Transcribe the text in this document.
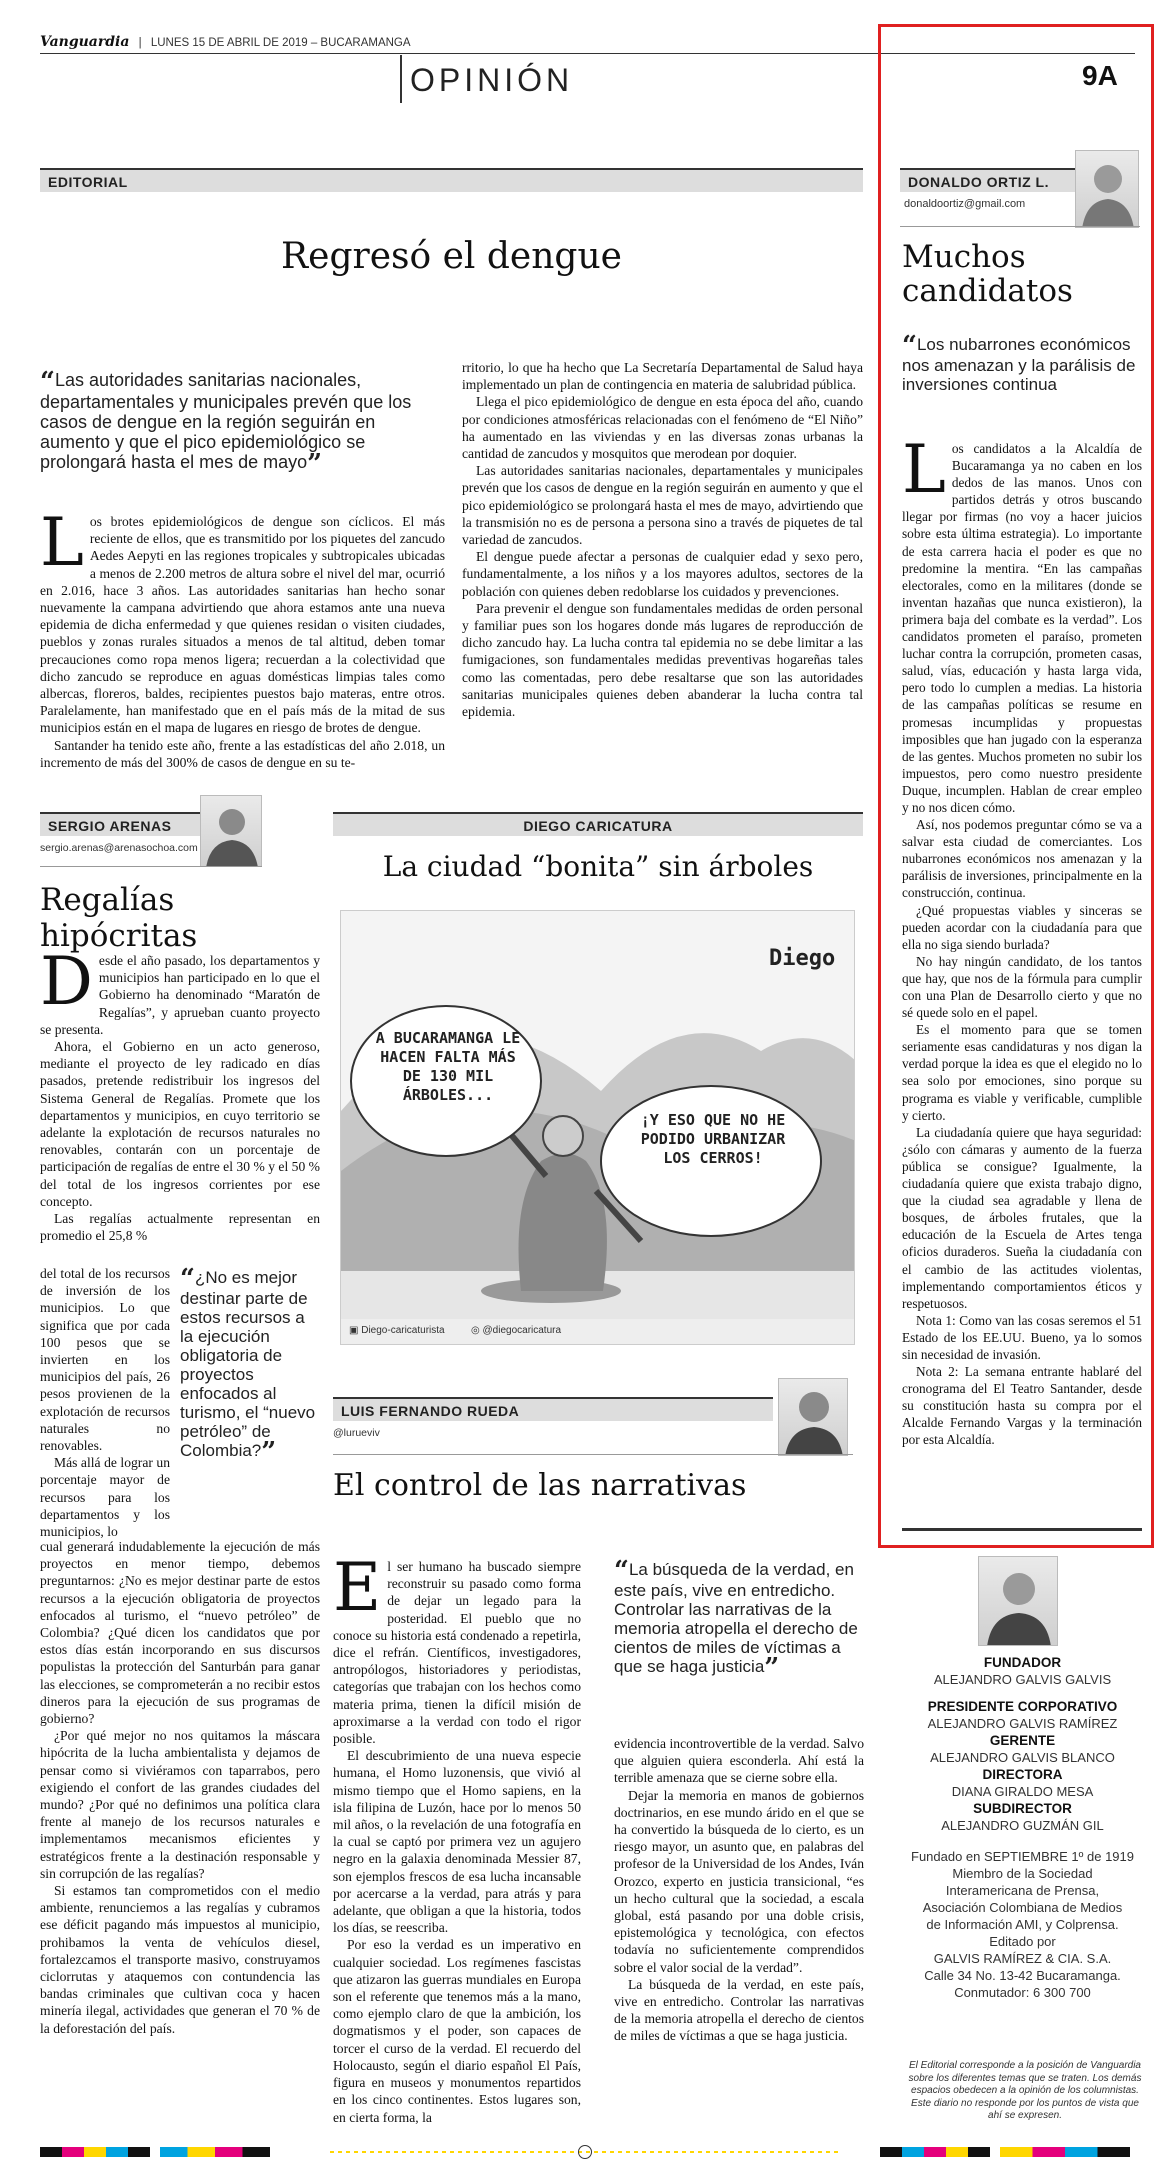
Vanguardia | LUNES 15 DE ABRIL DE 2019 – BUCARAMANGA
OPINIÓN	9A
EDITORIAL
Regresó el dengue
“Las autoridades sanitarias nacionales, departamentales y municipales prevén que los casos de dengue en la región seguirán en aumento y que el pico epidemiológico se prolongará hasta el mes de mayo”
L os brotes epidemiológicos de dengue son cíclicos. El más reciente de ellos, que es transmitido por los piquetes del zancudo Aedes Aepyti en las regiones tropicales y subtropicales ubicadas a menos de 2.200 metros de altura sobre el nivel del mar, ocurrió en 2.016, hace 3 años. Las autoridades sanitarias han hecho sonar nuevamente la campana advirtiendo que ahora estamos ante una nueva epidemia de dicha enfermedad y que quienes residan o visiten ciudades, pueblos y zonas rurales situados a menos de tal altitud, deben tomar precauciones como ropa menos ligera; recuerdan a la colectividad que dicho zancudo se reproduce en aguas domésticas limpias tales como albercas, floreros, baldes, recipientes puestos bajo materas, entre otros. Paralelamente, han manifestado que en el país más de la mitad de sus municipios están en el mapa de lugares en riesgo de brotes de dengue.

Santander ha tenido este año, frente a las estadísticas del año 2.018, un incremento de más del 300% de casos de dengue en su te-

rritorio, lo que ha hecho que La Secretaría Departamental de Salud haya implementado un plan de contingencia en materia de salubridad pública.

Llega el pico epidemiológico de dengue en esta época del año, cuando por condiciones atmosféricas relacionadas con el fenómeno de “El Niño” ha aumentado en las viviendas y en las diversas zonas urbanas la cantidad de zancudos y mosquitos que merodean por doquier.

Las autoridades sanitarias nacionales, departamentales y municipales prevén que los casos de dengue en la región seguirán en aumento y que el pico epidemiológico se prolongará hasta el mes de mayo, advirtiendo que la transmisión no es de persona a persona sino a través de piquetes de tal variedad de zancudos.

El dengue puede afectar a personas de cualquier edad y sexo pero, fundamentalmente, a los niños y a los mayores adultos, sectores de la población con quienes deben redoblarse los cuidados y prevenciones.

Para prevenir el dengue son fundamentales medidas de orden personal y familiar pues son los hogares donde más lugares de reproducción de dicho zancudo hay. La lucha contra tal epidemia no se debe limitar a las fumigaciones, son fundamentales medidas preventivas hogareñas tales como las comentadas, pero debe resaltarse que son las autoridades sanitarias municipales quienes deben abanderar la lucha contra tal epidemia.

DONALDO ORTIZ L.
donaldoortiz@gmail.com
Muchos candidatos
“Los nubarrones económicos nos amenazan y la parálisis de inversiones continua
L os candidatos a la Alcaldía de Bucaramanga ya no caben en los dedos de las manos. Unos con partidos detrás y otros buscando llegar por firmas (no voy a hacer juicios sobre esta última estrategia). Lo importante de esta carrera hacia el poder es que no predomine la mentira. “En las campañas electorales, como en la militares (donde se inventan hazañas que nunca existieron), la primera baja del combate es la verdad”. Los candidatos prometen el paraíso, prometen luchar contra la corrupción, prometen casas, salud, vías, educación y hasta larga vida, pero todo lo cumplen a medias. La historia de las campañas políticas se resume en promesas incumplidas y propuestas imposibles que han jugado con la esperanza de las gentes. Muchos prometen no subir los impuestos, pero como nuestro presidente Duque, incumplen. Hablan de crear empleo y no nos dicen cómo.

Así, nos podemos preguntar cómo se va a salvar esta ciudad de comerciantes. Los nubarrones económicos nos amenazan y la parálisis de inversiones, principalmente en la construcción, continua.

¿Qué propuestas viables y sinceras se pueden acordar con la ciudadanía para que ella no siga siendo burlada?

No hay ningún candidato, de los tantos que hay, que nos de la fórmula para cumplir con una Plan de Desarrollo cierto y que no sé quede solo en el papel.

Es el momento para que se tomen seriamente esas candidaturas y nos digan la verdad porque la idea es que el elegido no lo sea solo por emociones, sino porque su programa es viable y verificable, cumplible y cierto.

La ciudadanía quiere que haya seguridad: ¿sólo con cámaras y aumento de la fuerza pública se consigue? Igualmente, la ciudadanía quiere que exista trabajo digno, que la ciudad sea agradable y llena de bosques, de árboles frutales, que la educación de la Escuela de Artes tenga oficios duraderos. Sueña la ciudadanía con el cambio de las actitudes violentas, implementando comportamientos éticos y respetuosos.

Nota 1: Como van las cosas seremos el 51 Estado de los EE.UU. Bueno, ya lo somos sin necesidad de invasión.

Nota 2: La semana entrante hablaré del cronograma del El Teatro Santander, desde su constitución hasta su compra por el Alcalde Fernando Vargas y la terminación por esta Alcaldía.

SERGIO ARENAS
sergio.arenas@arenasochoa.com
Regalías hipócritas
D esde el año pasado, los departamentos y municipios han participado en lo que el Gobierno ha denominado “Maratón de Regalías”, y aprueban cuanto proyecto se presenta.

Ahora, el Gobierno en un acto generoso, mediante el proyecto de ley radicado en días pasados, pretende redistribuir los ingresos del Sistema General de Regalías. Promete que los departamentos y municipios, en cuyo territorio se adelante la explotación de recursos naturales no renovables, contarán con un porcentaje de participación de regalías de entre el 30 % y el 50 % del total de los ingresos corrientes por ese concepto.

Las regalías actualmente representan en promedio el 25,8 %

del total de los recursos de inversión de los municipios. Lo que significa que por cada 100 pesos que se invierten en los municipios del país, 26 pesos provienen de la explotación de recursos naturales no renovables.

Más allá de lograr un porcentaje mayor de recursos para los departamentos y los municipios, lo

“¿No es mejor destinar parte de estos recursos a la ejecución obligatoria de proyectos enfocados al turismo, el “nuevo petróleo” de Colombia?”

cual generará indudablemente la ejecución de más proyectos en menor tiempo, debemos preguntarnos: ¿No es mejor destinar parte de estos recursos a la ejecución obligatoria de proyectos enfocados al turismo, el “nuevo petróleo” de Colombia? ¿Qué dicen los candidatos que por estos días están incorporando en sus discursos populistas la protección del Santurbán para ganar las elecciones, se comprometerán a no recibir estos dineros para la ejecución de sus programas de gobierno?

¿Por qué mejor no nos quitamos la máscara hipócrita de la lucha ambientalista y dejamos de pensar como si viviéramos con taparrabos, pero exigiendo el confort de las grandes ciudades del mundo? ¿Por qué no definimos una política clara frente al manejo de los recursos naturales e implementamos mecanismos eficientes y estratégicos frente a la destinación responsable y sin corrupción de las regalías?

Si estamos tan comprometidos con el medio ambiente, renunciemos a las regalías y cubramos ese déficit pagando más impuestos al municipio, prohibamos la venta de vehículos diesel, fortalezcamos el transporte masivo, construyamos ciclorrutas y ataquemos con contundencia las bandas criminales que cultivan coca y hacen minería ilegal, actividades que generan el 70 % de la deforestación del país.

DIEGO CARICATURA
La ciudad “bonita” sin árboles
Diego
A BUCARAMANGA LE HACEN FALTA MÁS DE 130 MIL ÁRBOLES...
¡Y ESO QUE NO HE PODIDO URBANIZAR LOS CERROS!
▣ Diego-caricaturista	◎ @diegocaricatura
LUIS FERNANDO RUEDA
@lurueviv
El control de las narrativas
E l ser humano ha buscado siempre reconstruir su pasado como forma de dejar un legado para la posteridad. El pueblo que no conoce su historia está condenado a repetirla, dice el refrán. Científicos, investigadores, antropólogos, historiadores y periodistas, categorías que trabajan con los hechos como materia prima, tienen la difícil misión de aproximarse a la verdad con todo el rigor posible.

El descubrimiento de una nueva especie humana, el Homo luzonensis, que vivió al mismo tiempo que el Homo sapiens, en la isla filipina de Luzón, hace por lo menos 50 mil años, o la revelación de una fotografía en la cual se captó por primera vez un agujero negro en la galaxia denominada Messier 87, son ejemplos frescos de esa lucha incansable por acercarse a la verdad, para atrás y para adelante, que obligan a que la historia, todos los días, se reescriba.

Por eso la verdad es un imperativo en cualquier sociedad. Los regímenes fascistas que atizaron las guerras mundiales en Europa son el referente que tenemos más a la mano, como ejemplo claro de que la ambición, los dogmatismos y el poder, son capaces de torcer el curso de la verdad. El recuerdo del Holocausto, según el diario español El País, figura en museos y monumentos repartidos en los cinco continentes. Estos lugares son, en cierta forma, la

“La búsqueda de la verdad, en este país, vive en entredicho. Controlar las narrativas de la memoria atropella el derecho de cientos de miles de víctimas a que se haga justicia”

evidencia incontrovertible de la verdad. Salvo que alguien quiera esconderla. Ahí está la terrible amenaza que se cierne sobre ella.

Dejar la memoria en manos de gobiernos doctrinarios, en ese mundo árido en el que se ha convertido la búsqueda de lo cierto, es un riesgo mayor, un asunto que, en palabras del profesor de la Universidad de los Andes, Iván Orozco, experto en justicia transicional, “es un hecho cultural que la sociedad, a escala global, está pasando por una doble crisis, epistemológica y tecnológica, con efectos todavía no suficientemente comprendidos sobre el valor social de la verdad”.

La búsqueda de la verdad, en este país, vive en entredicho. Controlar las narrativas de la memoria atropella el derecho de cientos de miles de víctimas a que se haga justicia.

FUNDADOR
ALEJANDRO GALVIS GALVIS
PRESIDENTE CORPORATIVO
ALEJANDRO GALVIS RAMÍREZ
GERENTE
ALEJANDRO GALVIS BLANCO
DIRECTORA
DIANA GIRALDO MESA
SUBDIRECTOR
ALEJANDRO GUZMÁN GIL
Fundado en SEPTIEMBRE 1º de 1919
Miembro de la Sociedad
Interamericana de Prensa,
Asociación Colombiana de Medios
de Información AMI, y Colprensa.
Editado por
GALVIS RAMÍREZ & CIA. S.A.
Calle 34 No. 13-42 Bucaramanga.
Conmutador: 6 300 700
El Editorial corresponde a la posición de Vanguardia sobre los diferentes temas que se traten. Los demás espacios obedecen a la opinión de los columnistas. Este diario no responde por los puntos de vista que ahí se expresen.
